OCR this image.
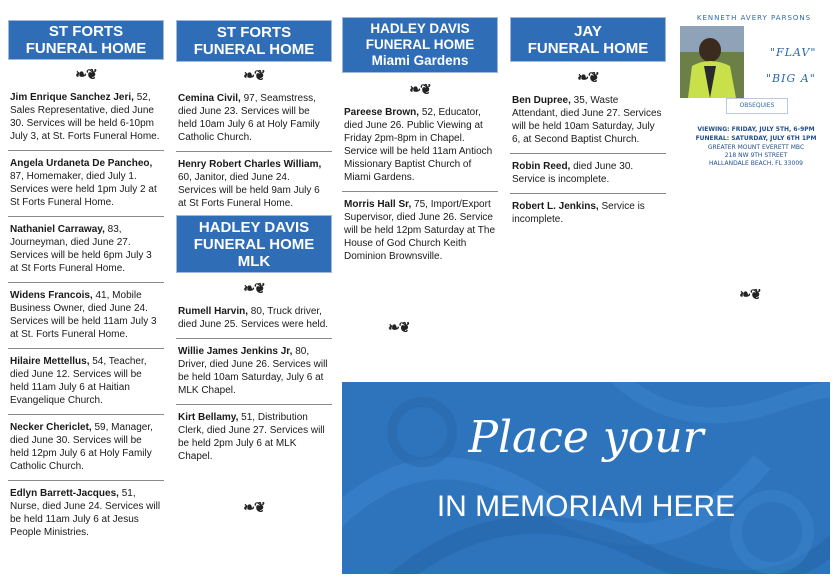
ST FORTS
FUNERAL HOME
❧❦
Jim Enrique Sanchez Jeri, 52, Sales Representative, died June 30. Services will be held 6-10pm July 3, at St. Forts Funeral Home.
Angela Urdaneta De Pancheo, 87, Homemaker, died July 1. Services were held 1pm July 2 at St Forts Funeral Home.
Nathaniel Carraway, 83, Journeyman, died June 27. Services will be held 6pm July 3 at St Forts Funeral Home.
Widens Francois, 41, Mobile Business Owner, died June 24. Services will be held 11am July 3 at St. Forts Funeral Home.
Hilaire Mettellus, 54, Teacher, died June 12. Services will be held 11am July 6 at Haitian Evangelique Church.
Necker Chericlet, 59, Manager, died June 30. Services will be held 12pm July 6 at Holy Family Catholic Church.
Edlyn Barrett-Jacques, 51, Nurse, died June 24. Services will be held 11am July 6 at Jesus People Ministries.
ST FORTS
FUNERAL HOME
❧❦
Cemina Civil, 97, Seamstress, died June 23. Services will be held 10am July 6 at Holy Family Catholic Church.
Henry Robert Charles William, 60, Janitor, died June 24. Services will be held 9am July 6 at St Forts Funeral Home.
HADLEY DAVIS
FUNERAL HOME
MLK
❧❦
Rumell Harvin, 80, Truck driver, died June 25. Services were held.
Willie James Jenkins Jr, 80, Driver, died June 26. Services will be held 10am Saturday, July 6 at MLK Chapel.
Kirt Bellamy, 51, Distribution Clerk, died June 27. Services will be held 2pm July 6 at MLK Chapel.
❧❦
HADLEY DAVIS
FUNERAL HOME
Miami Gardens
❧❦
Pareese Brown, 52, Educator, died June 26. Public Viewing at Friday 2pm-8pm in Chapel. Service will be held 11am Antioch Missionary Baptist Church of Miami Gardens.
Morris Hall Sr, 75, Import/Export Supervisor, died June 26. Service will be held 12pm Saturday at The House of God Church Keith Dominion Brownsville.
❧❦
JAY
FUNERAL HOME
❧❦
Ben Dupree, 35, Waste Attendant, died June 27. Services will be held 10am Saturday, July 6, at Second Baptist Church.
Robin Reed, died June 30. Service is incomplete.
Robert L. Jenkins, Service is incomplete.
KENNETH AVERY PARSONS
"FLAV"
"BIG A"
OBSEQUIES
VIEWING: FRIDAY, JULY 5TH, 6-9PM
FUNERAL: SATURDAY, JULY 6TH 1PM
GREATER MOUNT EVERETT MBC
218 NW 9TH STREET
HALLANDALE BEACH, FL 33009
❧❦
Place your
IN MEMORIAM HERE
